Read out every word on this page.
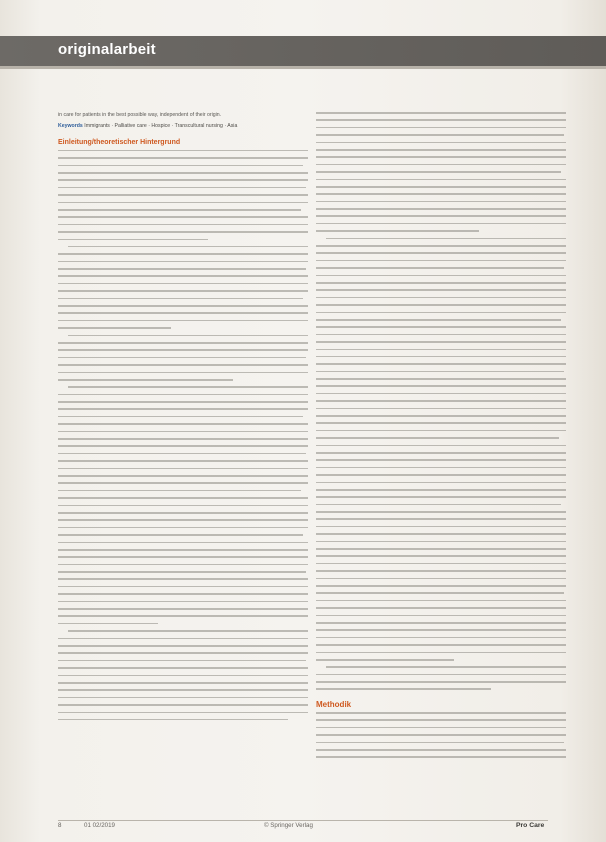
originalarbeit

in care for patients in the best possible way, independent of their origin.

Keywords Immigrants · Palliative care · Hospice · Transcultural nursing · Asia

Einleitung/theoretischer Hintergrund
Methodik
8	01 02/2019	© Springer Verlag	Pro Care
